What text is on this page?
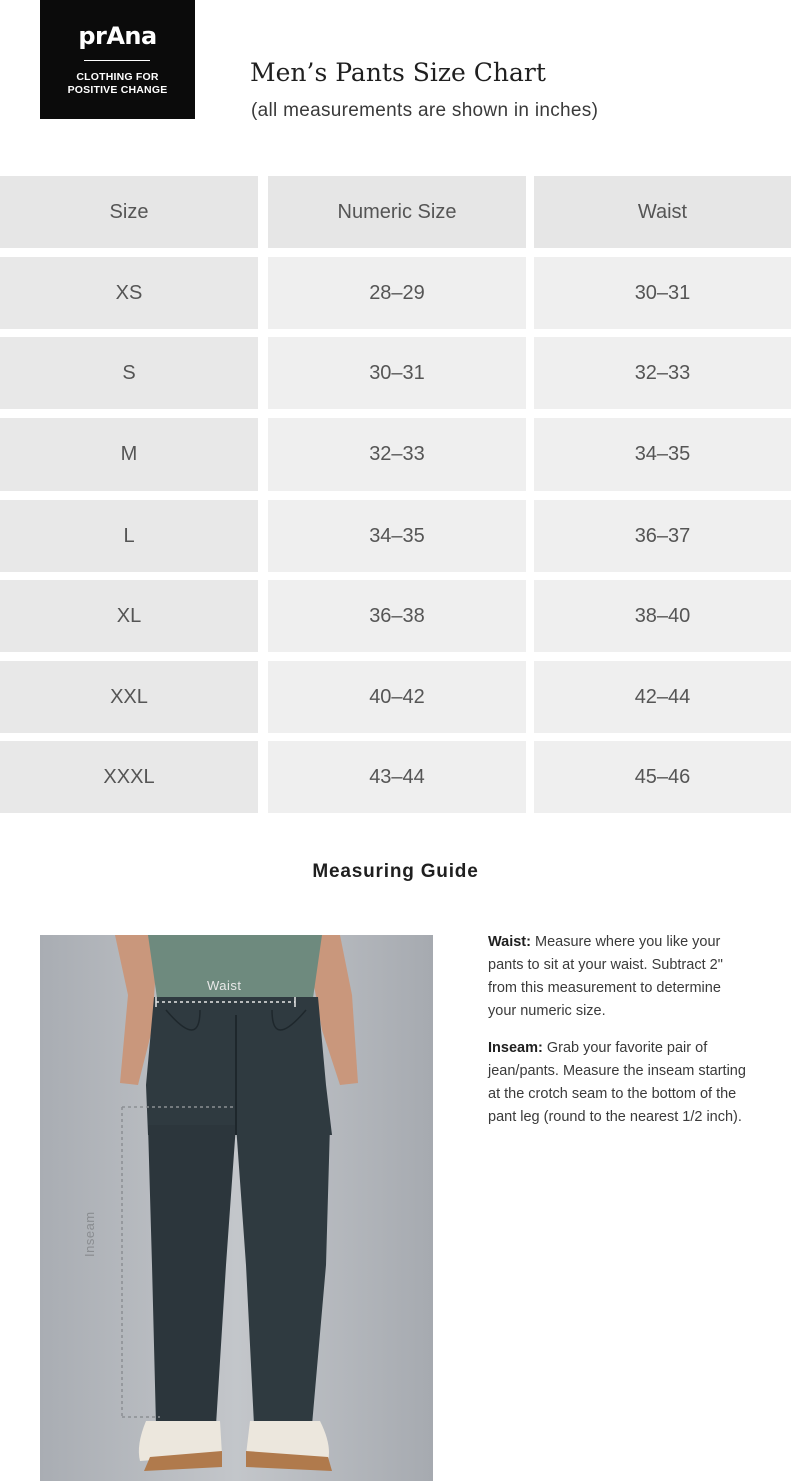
prAna
CLOTHING FOR
POSITIVE CHANGE
Men’s Pants Size Chart
(all measurements are shown in inches)
Size	Numeric Size	Waist
XS	28–29	30–31
S	30–31	32–33
M	32–33	34–35
L	34–35	36–37
XL	36–38	38–40
XXL	40–42	42–44
XXXL	43–44	45–46
Measuring Guide
Waist
Inseam

Waist: Measure where you like your pants to sit at your waist. Subtract 2" from this measurement to determine your numeric size.

Inseam: Grab your favorite pair of jean/pants. Measure the inseam starting at the crotch seam to the bottom of the pant leg (round to the nearest 1/2 inch).
